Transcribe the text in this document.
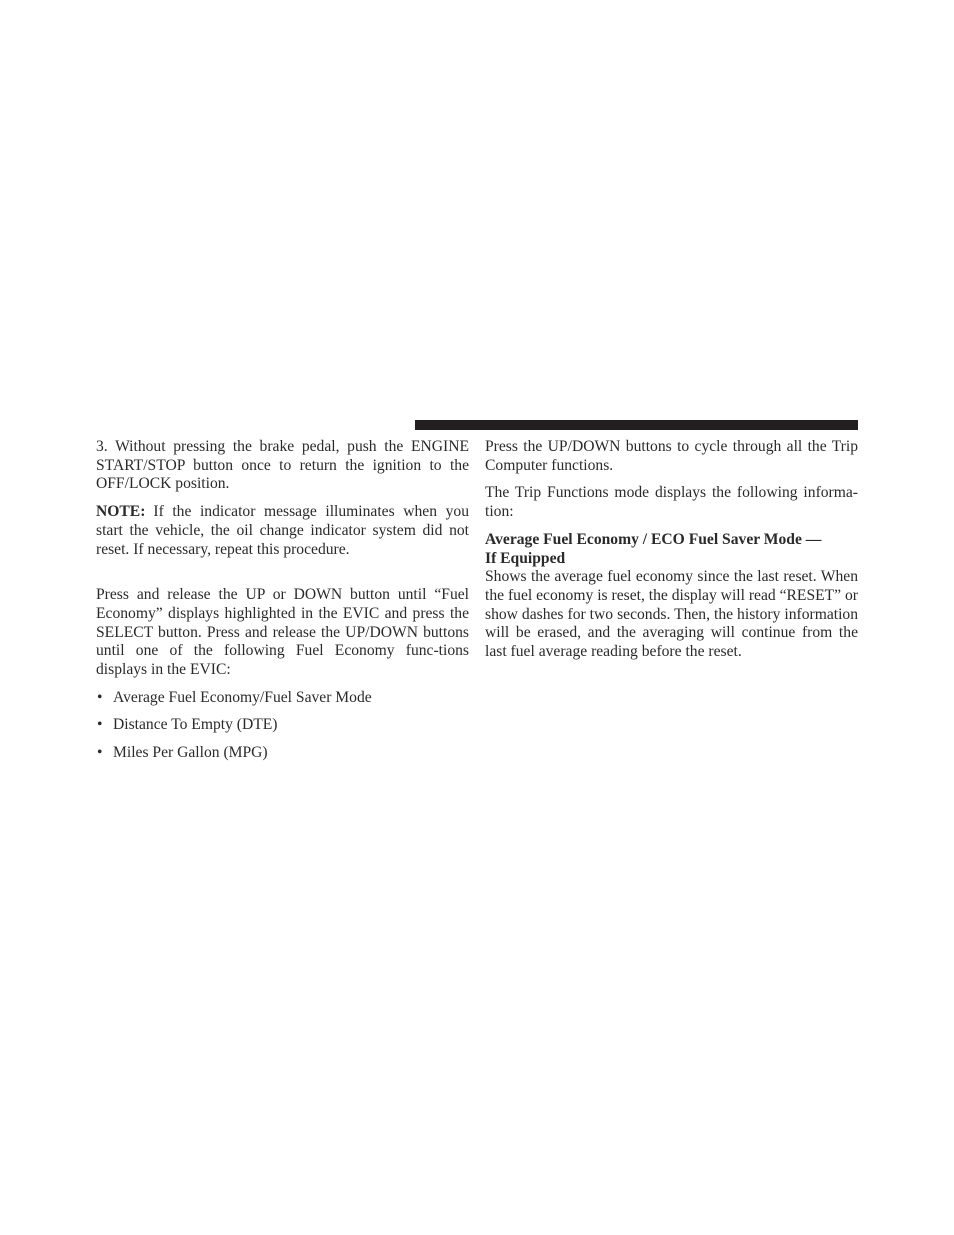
3. Without pressing the brake pedal, push the ENGINE START/STOP button once to return the ignition to the OFF/LOCK position.

NOTE: If the indicator message illuminates when you start the vehicle, the oil change indicator system did not reset. If necessary, repeat this procedure.

Press and release the UP or DOWN button until “Fuel Economy” displays highlighted in the EVIC and press the SELECT button. Press and release the UP/DOWN buttons until one of the following Fuel Economy func-tions displays in the EVIC:

• Average Fuel Economy/Fuel Saver Mode
• Distance To Empty (DTE)
• Miles Per Gallon (MPG)

Press the UP/DOWN buttons to cycle through all the Trip Computer functions.

The Trip Functions mode displays the following informa-tion:

Average Fuel Economy / ECO Fuel Saver Mode —
If Equipped

Shows the average fuel economy since the last reset. When the fuel economy is reset, the display will read “RESET” or show dashes for two seconds. Then, the history information will be erased, and the averaging will continue from the last fuel average reading before the reset.
